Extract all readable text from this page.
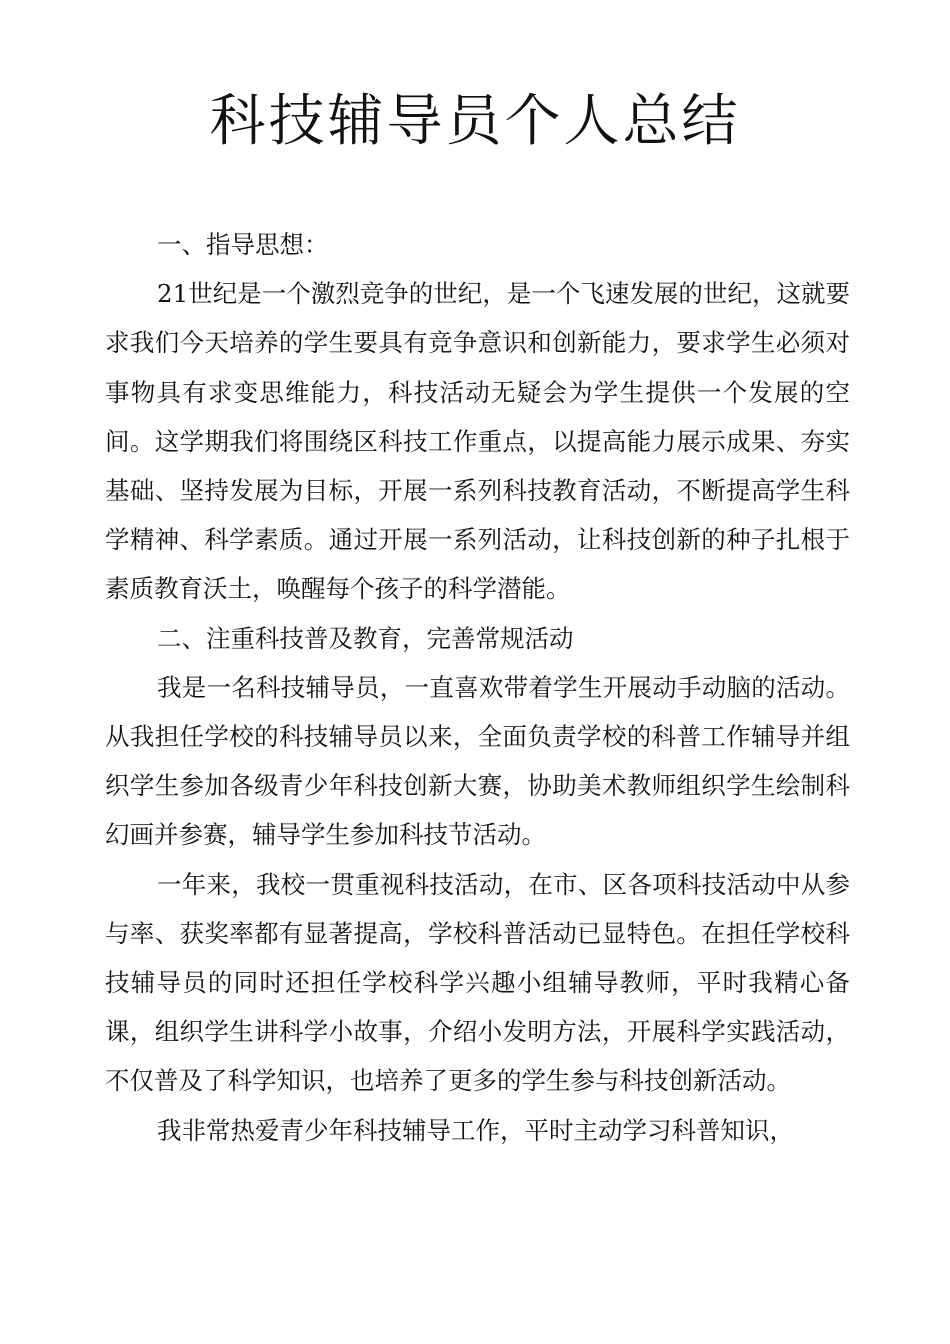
科技辅导员个人总结

一、指导思想：

21世纪是一个激烈竞争的世纪，是一个飞速发展的世纪，这就要求我们今天培养的学生要具有竞争意识和创新能力，要求学生必须对事物具有求变思维能力，科技活动无疑会为学生提供一个发展的空间。这学期我们将围绕区科技工作重点，以提高能力展示成果、夯实基础、坚持发展为目标，开展一系列科技教育活动，不断提高学生科学精神、科学素质。通过开展一系列活动，让科技创新的种子扎根于素质教育沃土，唤醒每个孩子的科学潜能。

二、注重科技普及教育，完善常规活动

我是一名科技辅导员，一直喜欢带着学生开展动手动脑的活动。从我担任学校的科技辅导员以来，全面负责学校的科普工作辅导并组织学生参加各级青少年科技创新大赛，协助美术教师组织学生绘制科幻画并参赛，辅导学生参加科技节活动。

一年来，我校一贯重视科技活动，在市、区各项科技活动中从参与率、获奖率都有显著提高，学校科普活动已显特色。在担任学校科技辅导员的同时还担任学校科学兴趣小组辅导教师，平时我精心备课，组织学生讲科学小故事，介绍小发明方法，开展科学实践活动，不仅普及了科学知识，也培养了更多的学生参与科技创新活动。

我非常热爱青少年科技辅导工作，平时主动学习科普知识，
